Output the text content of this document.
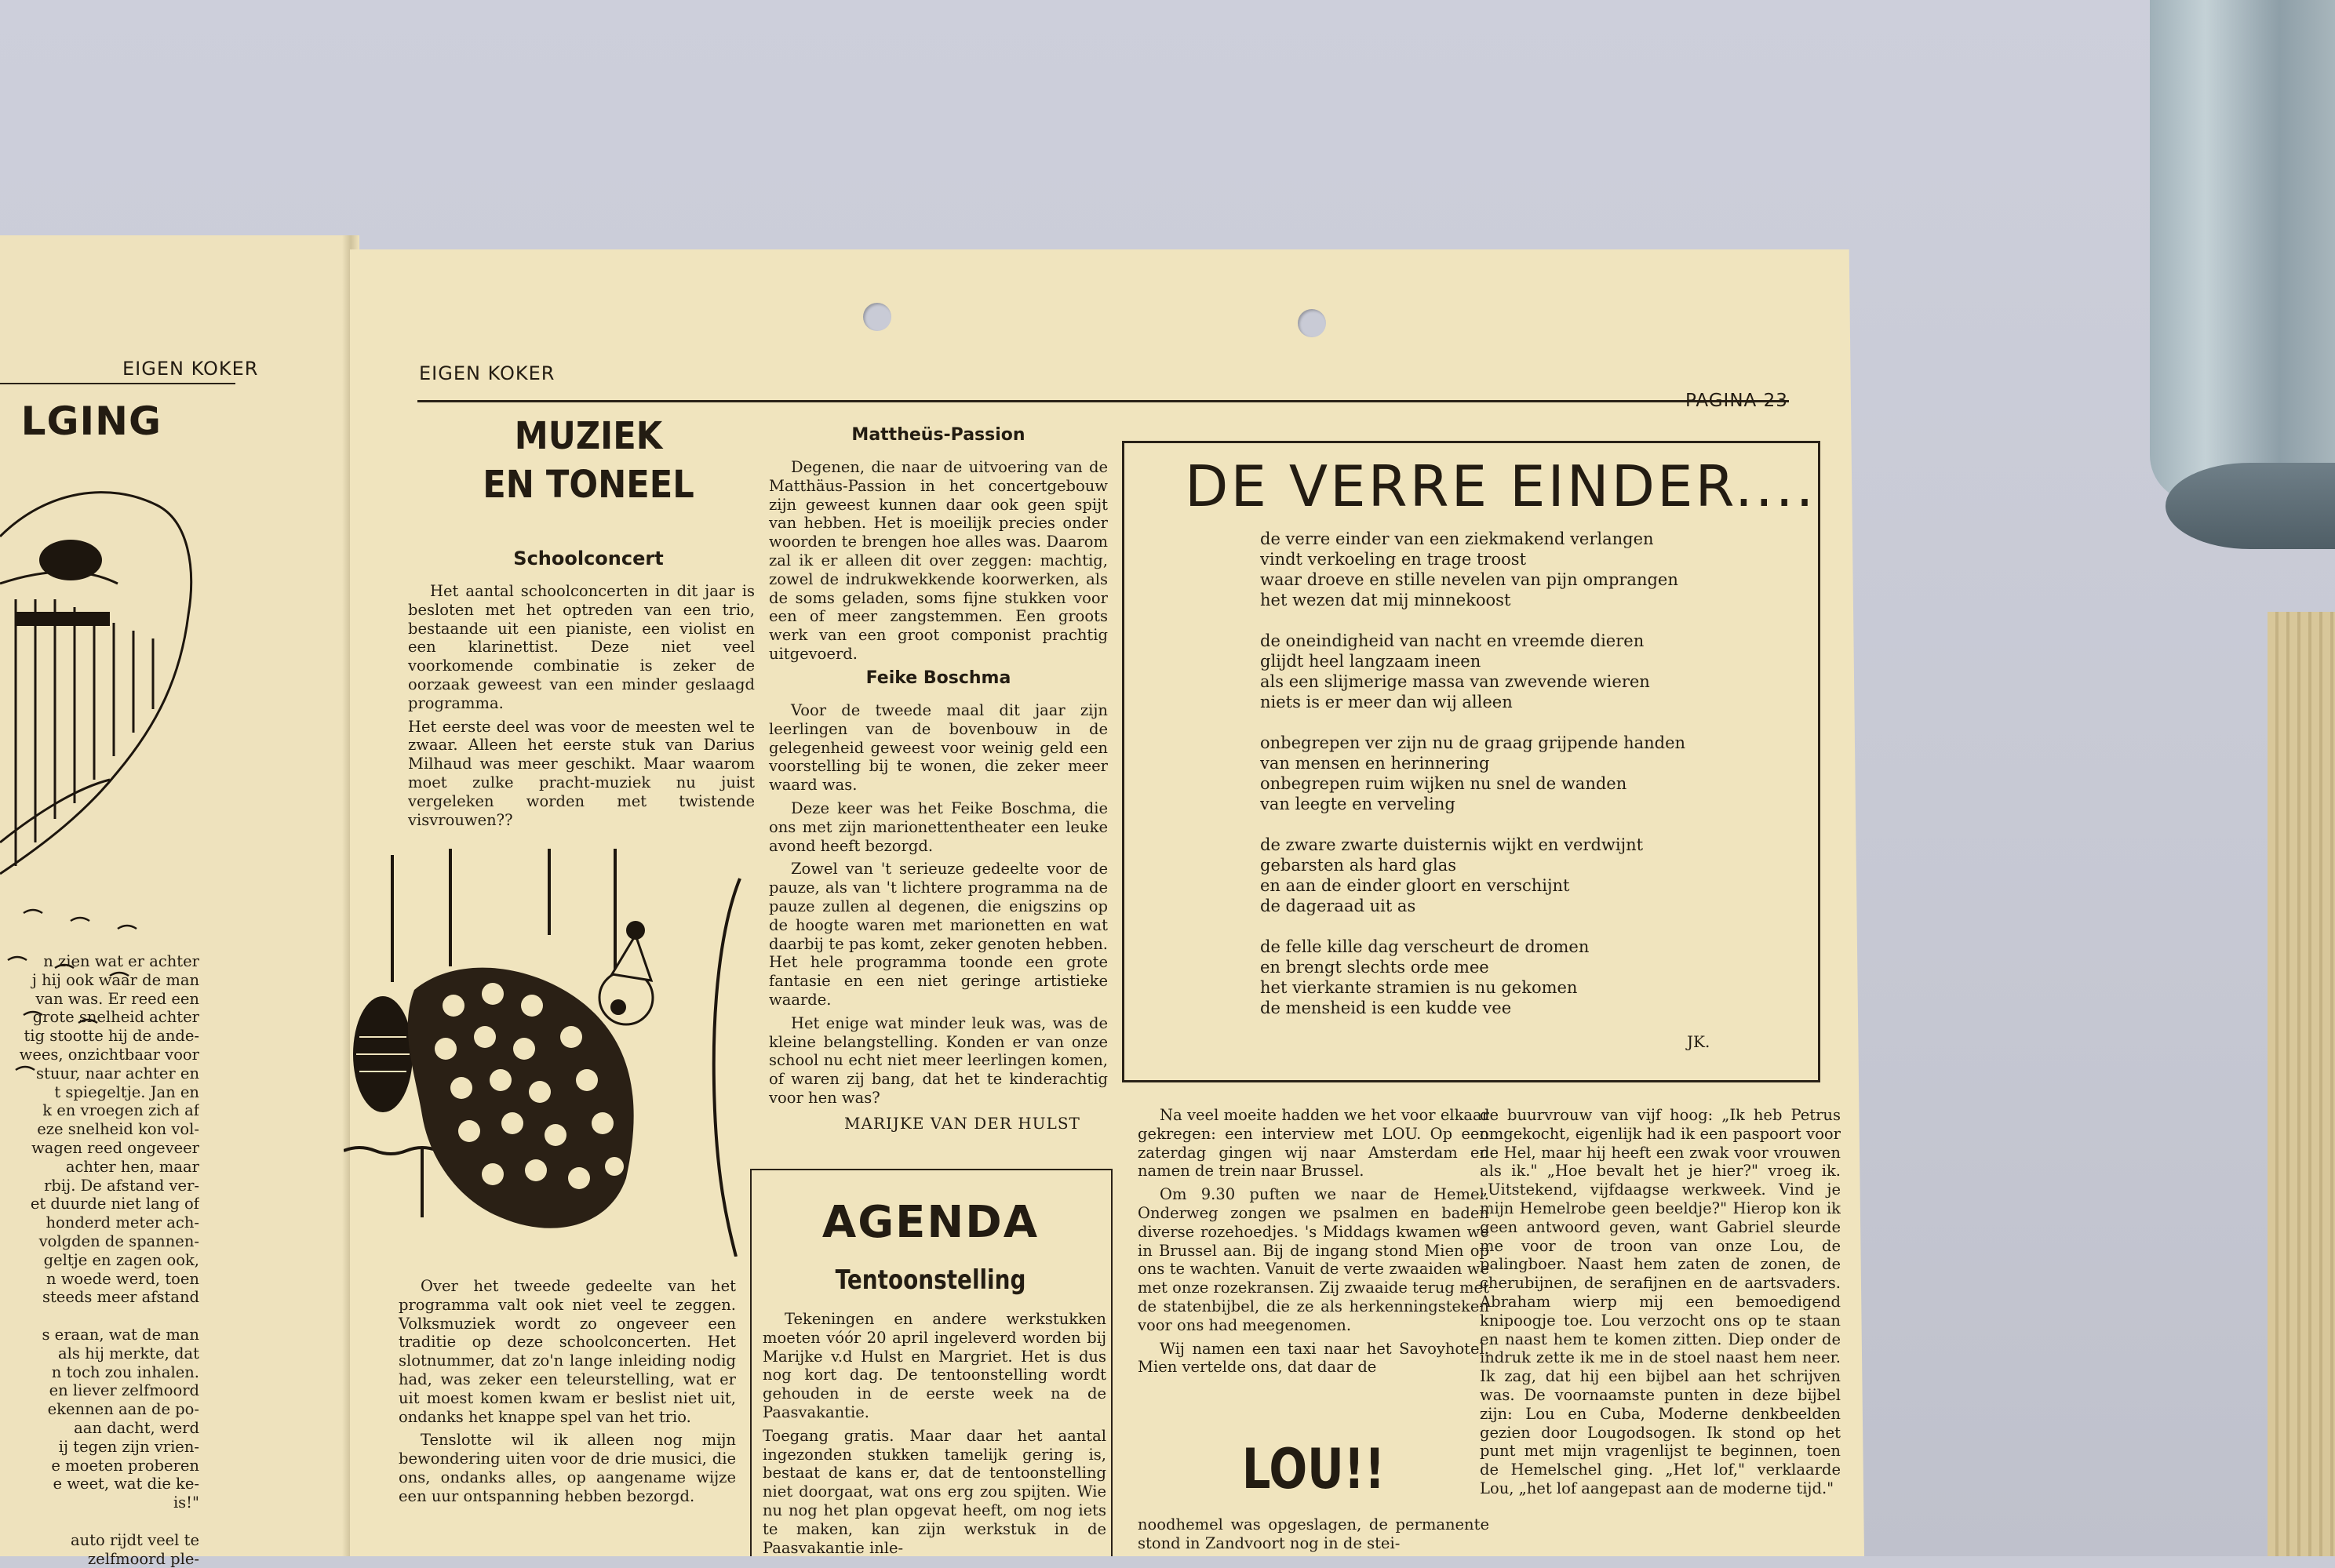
EIGEN KOKER
LGING
n zien wat er achter
j hij ook waar de man
van was. Er reed een
grote snelheid achter
tig stootte hij de ande-
wees, onzichtbaar voor
stuur, naar achter en
t spiegeltje. Jan en
k en vroegen zich af
eze snelheid kon vol-
wagen reed ongeveer
achter hen, maar
rbij. De afstand ver-
et duurde niet lang of
honderd meter ach-
volgden de spannen-
geltje en zagen ook,
n woede werd, toen
steeds meer afstand
s eraan, wat de man
als hij merkte, dat
n toch zou inhalen.
en liever zelfmoord
ekennen aan de po-
aan dacht, werd
ij tegen zijn vrien-
e moeten proberen
e weet, wat die ke-
is!"
auto rijdt veel te
zelfmoord ple-
EIGEN KOKER
PAGINA 23
MUZIEK
EN TONEEL
Schoolconcert

Het aantal schoolconcerten in dit jaar is besloten met het optreden van een trio, bestaande uit een pianiste, een violist en een klarinettist. Deze niet veel voorkomende combinatie is zeker de oorzaak geweest van een minder geslaagd programma.

Het eerste deel was voor de meesten wel te zwaar. Alleen het eerste stuk van Darius Milhaud was meer geschikt. Maar waarom moet zulke pracht-muziek nu juist vergeleken worden met twistende visvrouwen??

Over het tweede gedeelte van het programma valt ook niet veel te zeggen. Volksmuziek wordt zo ongeveer een traditie op deze schoolconcerten. Het slotnummer, dat zo'n lange inleiding nodig had, was zeker een teleurstelling, wat er uit moest komen kwam er beslist niet uit, ondanks het knappe spel van het trio.

Tenslotte wil ik alleen nog mijn bewondering uiten voor de drie musici, die ons, ondanks alles, op aangename wijze een uur ontspanning hebben bezorgd.

Mattheüs-Passion

Degenen, die naar de uitvoering van de Matthäus-Passion in het concertgebouw zijn geweest kunnen daar ook geen spijt van hebben. Het is moeilijk precies onder woorden te brengen hoe alles was. Daarom zal ik er alleen dit over zeggen: machtig, zowel de indrukwekkende koorwerken, als de soms geladen, soms fijne stukken voor een of meer zangstemmen. Een groots werk van een groot componist prachtig uitgevoerd.

Feike Boschma

Voor de tweede maal dit jaar zijn leerlingen van de bovenbouw in de gelegenheid geweest voor weinig geld een voorstelling bij te wonen, die zeker meer waard was.

Deze keer was het Feike Boschma, die ons met zijn marionettentheater een leuke avond heeft bezorgd.

Zowel van 't serieuze gedeelte voor de pauze, als van 't lichtere programma na de pauze zullen al degenen, die enigszins op de hoogte waren met marionetten en wat daarbij te pas komt, zeker genoten hebben. Het hele programma toonde een grote fantasie en een niet geringe artistieke waarde.

Het enige wat minder leuk was, was de kleine belangstelling. Konden er van onze school nu echt niet meer leerlingen komen, of waren zij bang, dat het te kinderachtig voor hen was?

MARIJKE VAN DER HULST
AGENDA
Tentoonstelling

Tekeningen en andere werkstukken moeten vóór 20 april ingeleverd worden bij Marijke v.d Hulst en Margriet. Het is dus nog kort dag. De tentoonstelling wordt gehouden in de eerste week na de Paasvakantie.

Toegang gratis. Maar daar het aantal ingezonden stukken tamelijk gering is, bestaat de kans er, dat de tentoonstelling niet doorgaat, wat ons erg zou spijten. Wie nu nog het plan opgevat heeft, om nog iets te maken, kan zijn werkstuk in de Paasvakantie inle-

DE VERRE EINDER....
de verre einder van een ziekmakend verlangen
vindt verkoeling en trage troost
waar droeve en stille nevelen van pijn omprangen
het wezen dat mij minnekoost
de oneindigheid van nacht en vreemde dieren
glijdt heel langzaam ineen
als een slijmerige massa van zwevende wieren
niets is er meer dan wij alleen
onbegrepen ver zijn nu de graag grijpende handen
van mensen en herinnering
onbegrepen ruim wijken nu snel de wanden
van leegte en verveling
de zware zwarte duisternis wijkt en verdwijnt
gebarsten als hard glas
en aan de einder gloort en verschijnt
de dageraad uit as
de felle kille dag verscheurt de dromen
en brengt slechts orde mee
het vierkante stramien is nu gekomen
de mensheid is een kudde vee
JK.

Na veel moeite hadden we het voor elkaar gekregen: een interview met LOU. Op een zaterdag gingen wij naar Amsterdam en namen de trein naar Brussel.

Om 9.30 puften we naar de Hemel. Onderweg zongen we psalmen en baden diverse rozehoedjes. 's Middags kwamen we in Brussel aan. Bij de ingang stond Mien op ons te wachten. Vanuit de verte zwaaiden we met onze rozekransen. Zij zwaaide terug met de statenbijbel, die ze als herkenningsteken voor ons had meegenomen.

Wij namen een taxi naar het Savoyhotel. Mien vertelde ons, dat daar de

LOU!!

noodhemel was opgeslagen, de permanente stond in Zandvoort nog in de stei-

de buurvrouw van vijf hoog: „Ik heb Petrus omgekocht, eigenlijk had ik een paspoort voor de Hel, maar hij heeft een zwak voor vrouwen als ik." „Hoe bevalt het je hier?" vroeg ik. „Uitstekend, vijfdaagse werkweek. Vind je mijn Hemelrobe geen beeldje?" Hierop kon ik geen antwoord geven, want Gabriel sleurde me voor de troon van onze Lou, de palingboer. Naast hem zaten de zonen, de cherubijnen, de serafijnen en de aartsvaders. Abraham wierp mij een bemoedigend knipoogje toe. Lou verzocht ons op te staan en naast hem te komen zitten. Diep onder de indruk zette ik me in de stoel naast hem neer. Ik zag, dat hij een bijbel aan het schrijven was. De voornaamste punten in deze bijbel zijn: Lou en Cuba, Moderne denkbeelden gezien door Lougodsogen. Ik stond op het punt met mijn vragenlijst te beginnen, toen de Hemelschel ging. „Het lof," verklaarde Lou, „het lof aangepast aan de moderne tijd."
